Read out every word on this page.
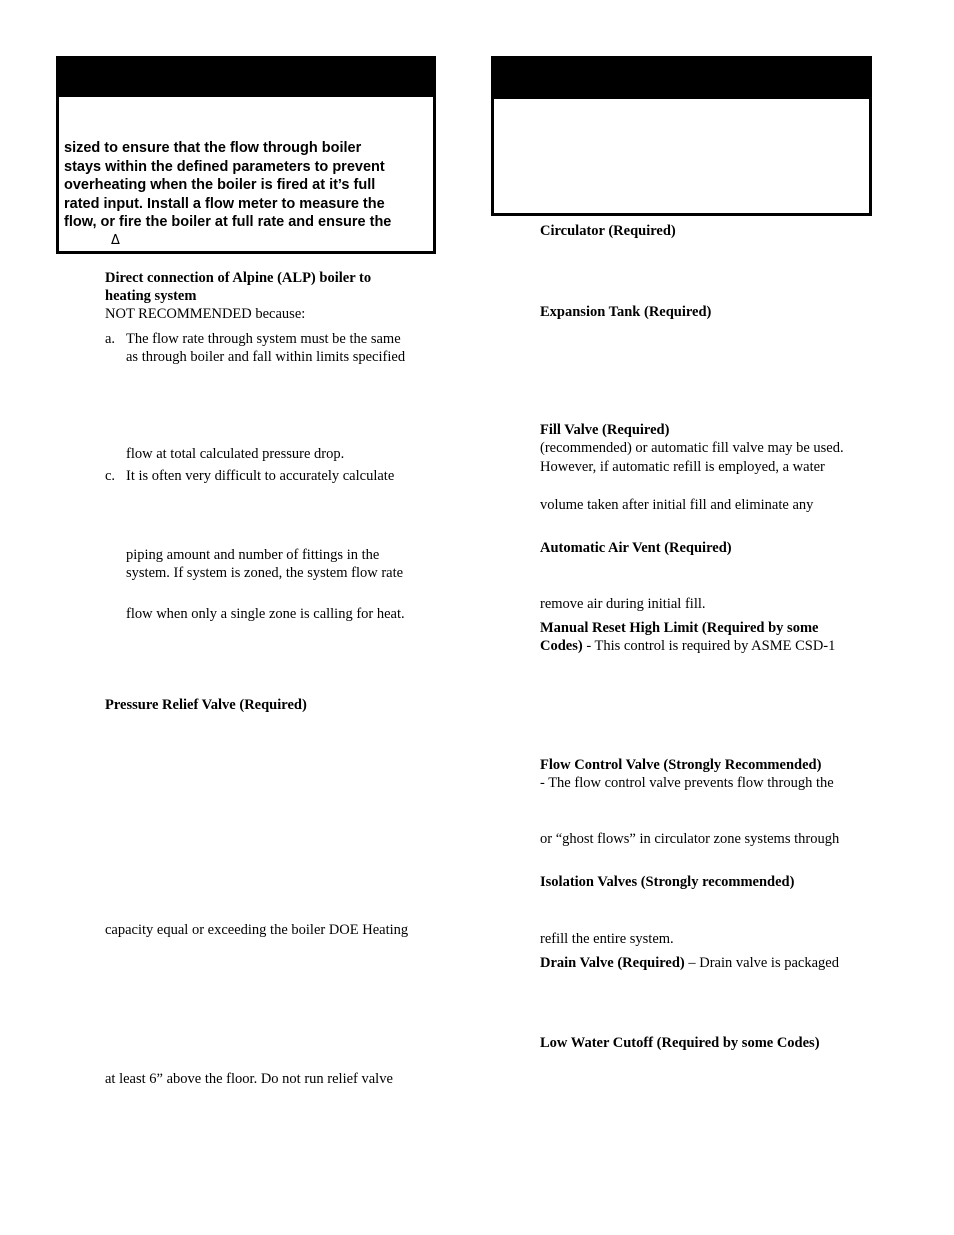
sized to ensure that the flow through boiler
stays within the defined parameters to prevent
overheating when the boiler is fired at it’s full
rated input. Install a flow meter to measure the
flow, or fire the boiler at full rate and ensure the
Δ
Direct connection of Alpine (ALP) boiler to
heating system
NOT RECOMMENDED because:
a. The flow rate through system must be the same
as through boiler and fall within limits specified
flow at total calculated pressure drop.
c. It is often very difficult to accurately calculate
piping amount and number of fittings in the
system. If system is zoned, the system flow rate
flow when only a single zone is calling for heat.
Pressure Relief Valve (Required)
capacity equal or exceeding the boiler DOE Heating
at least 6” above the floor. Do not run relief valve
Circulator (Required)
Expansion Tank (Required)
Fill Valve (Required)
(recommended) or automatic fill valve may be used.
However, if automatic refill is employed, a water
volume taken after initial fill and eliminate any
Automatic Air Vent (Required)
remove air during initial fill.
Manual Reset High Limit (Required by some
Codes) - This control is required by ASME CSD-1
Flow Control Valve (Strongly Recommended)
- The flow control valve prevents flow through the
or “ghost flows” in circulator zone systems through
Isolation Valves (Strongly recommended)
refill the entire system.
Drain Valve (Required) – Drain valve is packaged
Low Water Cutoff (Required by some Codes)
